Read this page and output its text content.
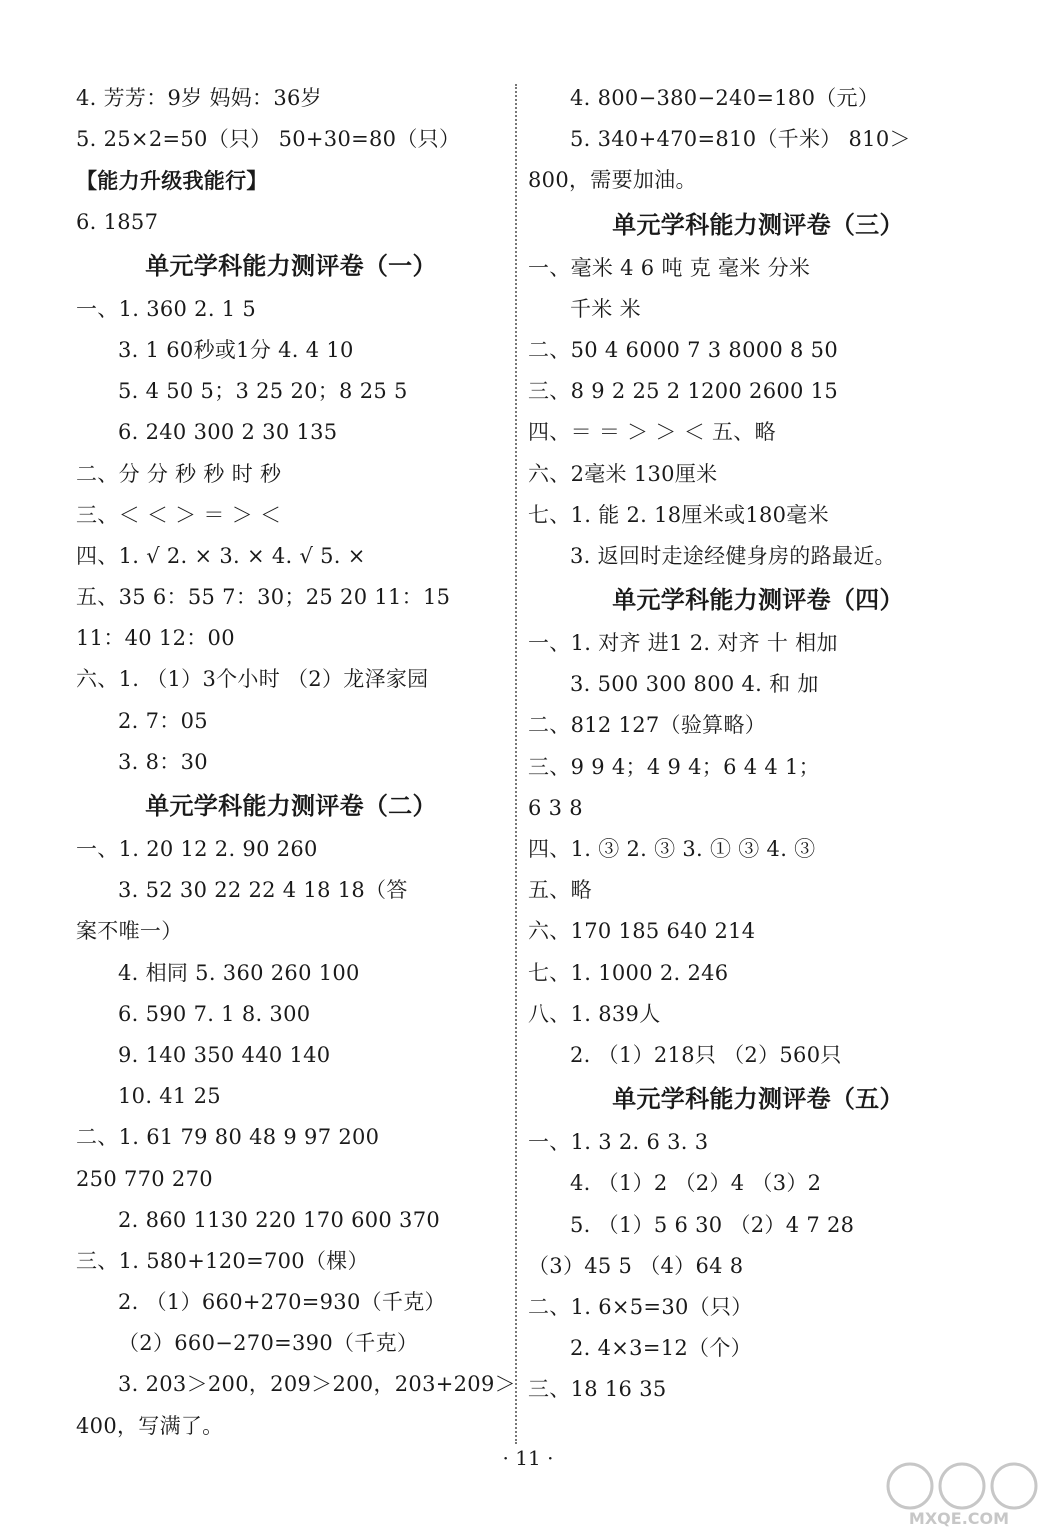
4. 芳芳：9岁 妈妈：36岁
5. 25×2=50（只） 50+30=80（只）
【能力升级我能行】
6. 1857
单元学科能力测评卷（一）
一、1. 360 2. 1 5
3. 1 60秒或1分 4. 4 10
5. 4 50 5；3 25 20；8 25 5
6. 240 300 2 30 135
二、分 分 秒 秒 时 秒
三、＜ ＜ ＞ ＝ ＞ ＜
四、1. √ 2. × 3. × 4. √ 5. ×
五、35 6：55 7：30；25 20 11：15
11：40 12：00
六、1. （1）3个小时 （2）龙泽家园
2. 7：05
3. 8：30
单元学科能力测评卷（二）
一、1. 20 12 2. 90 260
3. 52 30 22 22 4 18 18（答
案不唯一）
4. 相同 5. 360 260 100
6. 590 7. 1 8. 300
9. 140 350 440 140
10. 41 25
二、1. 61 79 80 48 9 97 200
250 770 270
2. 860 1130 220 170 600 370
三、1. 580+120=700（棵）
2. （1）660+270=930（千克）
（2）660−270=390（千克）
3. 203＞200，209＞200，203+209＞
400，写满了。
4. 800−380−240=180（元）
5. 340+470=810（千米） 810＞
800，需要加油。
单元学科能力测评卷（三）
一、毫米 4 6 吨 克 毫米 分米
千米 米
二、50 4 6000 7 3 8000 8 50
三、8 9 2 25 2 1200 2600 15
四、＝ ＝ ＞ ＞ ＜ 五、略
六、2毫米 130厘米
七、1. 能 2. 18厘米或180毫米
3. 返回时走途经健身房的路最近。
单元学科能力测评卷（四）
一、1. 对齐 进1 2. 对齐 十 相加
3. 500 300 800 4. 和 加
二、812 127（验算略）
三、9 9 4；4 9 4；6 4 4 1；
6 3 8
四、1. ③ 2. ③ 3. ① ③ 4. ③
五、略
六、170 185 640 214
七、1. 1000 2. 246
八、1. 839人
2. （1）218只 （2）560只
单元学科能力测评卷（五）
一、1. 3 2. 6 3. 3
4. （1）2 （2）4 （3）2
5. （1）5 6 30 （2）4 7 28
（3）45 5 （4）64 8
二、1. 6×5=30（只）
2. 4×3=12（个）
三、18 16 35
· 11 ·
MXQE.COM
